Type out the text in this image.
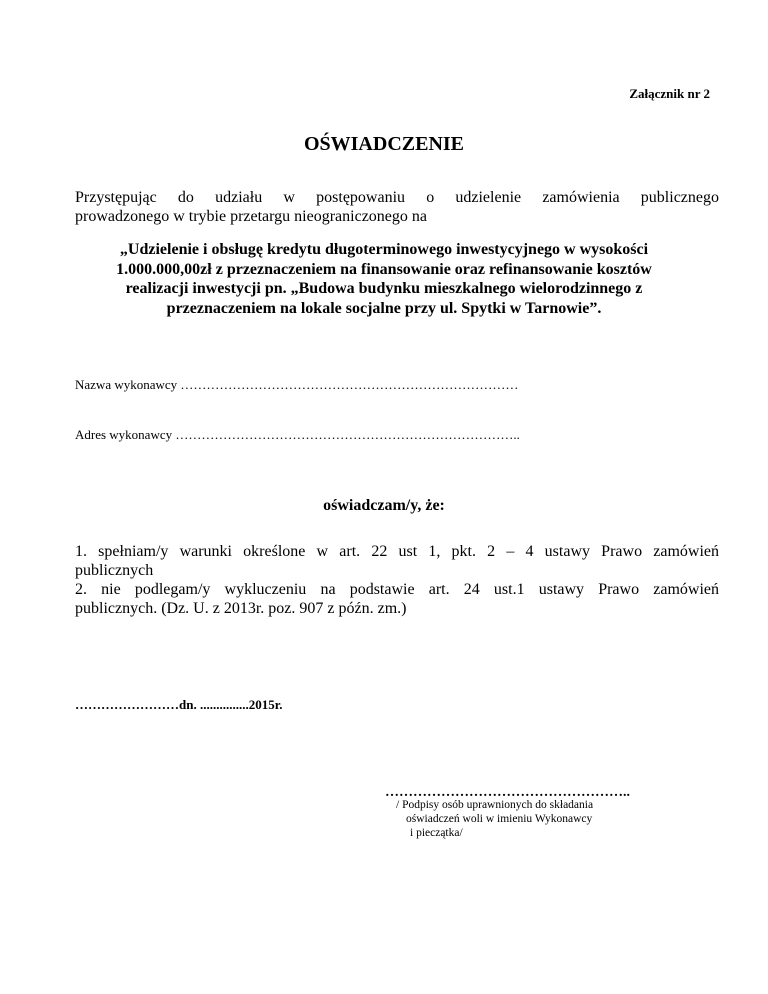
Załącznik nr 2
OŚWIADCZENIE

Przystępując do udziału w postępowaniu o udzielenie zamówienia publicznego

prowadzonego w trybie przetargu nieograniczonego na

„Udzielenie i obsługę kredytu długoterminowego inwestycyjnego w wysokości
1.000.000,00zł z przeznaczeniem na finansowanie oraz refinansowanie kosztów
realizacji inwestycji pn. „Budowa budynku mieszkalnego wielorodzinnego z
przeznaczeniem na lokale socjalne przy ul. Spytki w Tarnowie”.
Nazwa wykonawcy ……………………………………………………………………
Adres wykonawcy ……………………………………………………………………..
oświadczam/y, że:

1. spełniam/y warunki określone w art. 22 ust 1, pkt. 2 – 4 ustawy Prawo zamówień

publicznych

2. nie podlegam/y wykluczeniu na podstawie art. 24 ust.1 ustawy Prawo zamówień

publicznych. (Dz. U. z 2013r. poz. 907 z późn. zm.)

……………………dn. ...............2015r.
……………………………………………..
/ Podpisy osób uprawnionych do składania
oświadczeń woli w imieniu Wykonawcy
i pieczątka/
